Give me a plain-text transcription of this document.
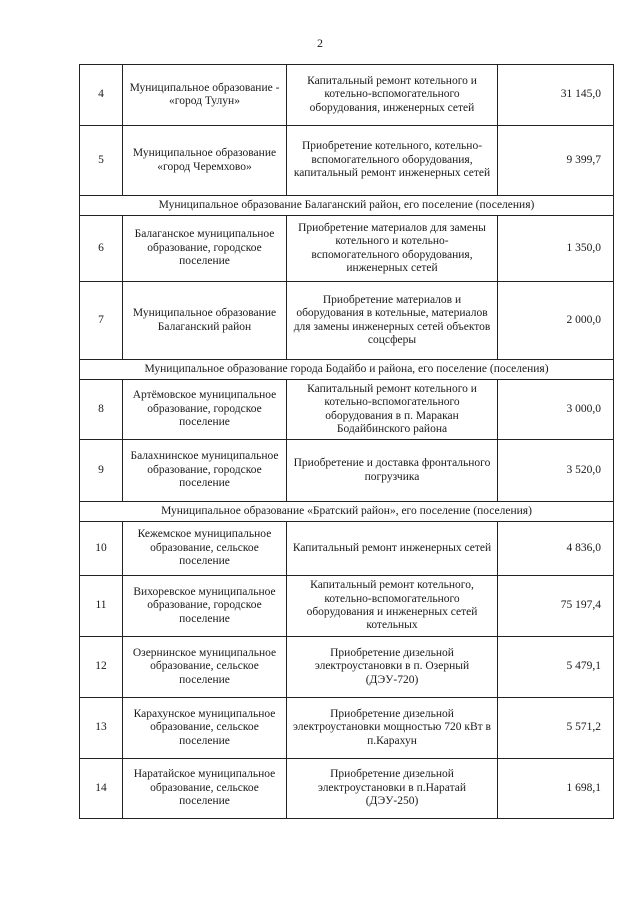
2
4	Муниципальное образование - «город Тулун»	Капитальный ремонт котельного и котельно-вспомогательного оборудования, инженерных сетей	31 145,0
5	Муниципальное образование «город Черемхово»	Приобретение котельного, котельно-вспомогательного оборудования, капитальный ремонт инженерных сетей	9 399,7
Муниципальное образование Балаганский район, его поселение (поселения)			
6	Балаганское муниципальное образование, городское поселение	Приобретение материалов для замены котельного и котельно-вспомогательного оборудования, инженерных сетей	1 350,0
7	Муниципальное образование Балаганский район	Приобретение материалов и оборудования в котельные, материалов для замены инженерных сетей объектов соцсферы	2 000,0
Муниципальное образование города Бодайбо и района, его поселение (поселения)			
8	Артёмовское муниципальное образование, городское поселение	Капитальный ремонт котельного и котельно-вспомогательного оборудования в п. Маракан Бодайбинского района	3 000,0
9	Балахнинское муниципальное образование, городское поселение	Приобретение и доставка фронтального погрузчика	3 520,0
Муниципальное образование «Братский район», его поселение (поселения)			
10	Кежемское муниципальное образование, сельское поселение	Капитальный ремонт инженерных сетей	4 836,0
11	Вихоревское муниципальное образование, городское поселение	Капитальный ремонт котельного, котельно-вспомогательного оборудования и инженерных сетей котельных	75 197,4
12	Озернинское муниципальное образование, сельское поселение	Приобретение дизельной электроустановки в п. Озерный (ДЭУ-720)	5 479,1
13	Карахунское муниципальное образование, сельское поселение	Приобретение дизельной электроустановки мощностью 720 кВт в п.Карахун	5 571,2
14	Наратайское муниципальное образование, сельское поселение	Приобретение дизельной электроустановки в п.Наратай (ДЭУ-250)	1 698,1
